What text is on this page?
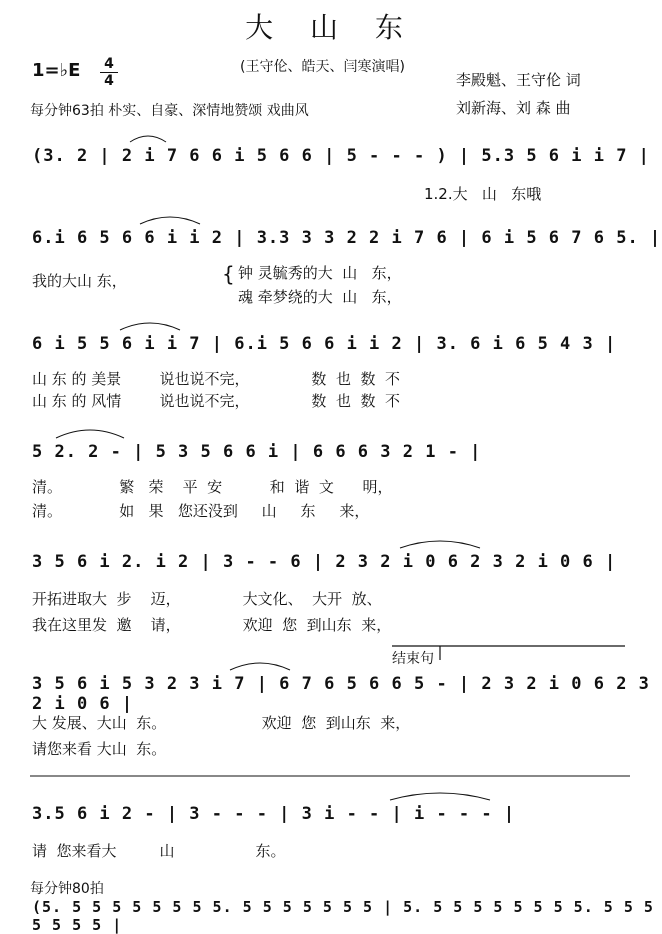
大 山 东
1=♭E 4
4
(王守伦、皓天、闫寒演唱)
李殿魁、王守伦 词
刘新海、刘 森 曲
每分钟63拍 朴实、自豪、深情地赞颂 戏曲风
(3. 2 | 2 i 7 6 6 i 5 6 6 | 5 - - - ) | 5.3 5 6 i i 7 |
1.2.大   山   东哦
6.i 6 5 6 6 i i 2 | 3.3 3 3 2 2 i 7 6 | 6 i 5 6 7 6 5. |
我的大山 东，	{ 钟 灵毓秀的大  山   东，
魂 牵梦绕的大  山   东，
6 i 5 5 6 i i 7 | 6.i 5 6 6 i i 2 | 3. 6 i 6 5 4 3 |
山 东 的 美景        说也说不完，             数  也  数  不
山 东 的 风情        说也说不完，             数  也  数  不
5 2. 2 - | 5 3 5 6 6 i | 6 6 6 3 2 1 - |
清。            繁   荣    平  安          和  谐  文      明，
清。            如   果   您还没到     山     东     来，
3 5 6 i 2. i 2 | 3 - - 6 | 2 3 2 i 0 6 2 3 2 i 0 6 |
开拓进取大  步    迈，             大文化、  大开  放、
我在这里发  邀    请，             欢迎  您  到山东  来，
结束句
3 5 6 i 5 3 2 3 i 7 | 6 7 6 5 6 6 5 - | 2 3 2 i 0 6 2 3 2 i 0 6 |
大 发展、大山  东。                    欢迎  您  到山东  来，
请您来看 大山  东。
3.5 6 i 2 - | 3 - - - | 3 i - - | i - - - |
请  您来看大         山                 东。
每分钟80拍
(5. 5 5 5 5 5 5 5 5. 5 5 5 5 5 5 5 | 5. 5 5 5 5 5 5 5 5. 5 5 5 5 5 5 5 |
